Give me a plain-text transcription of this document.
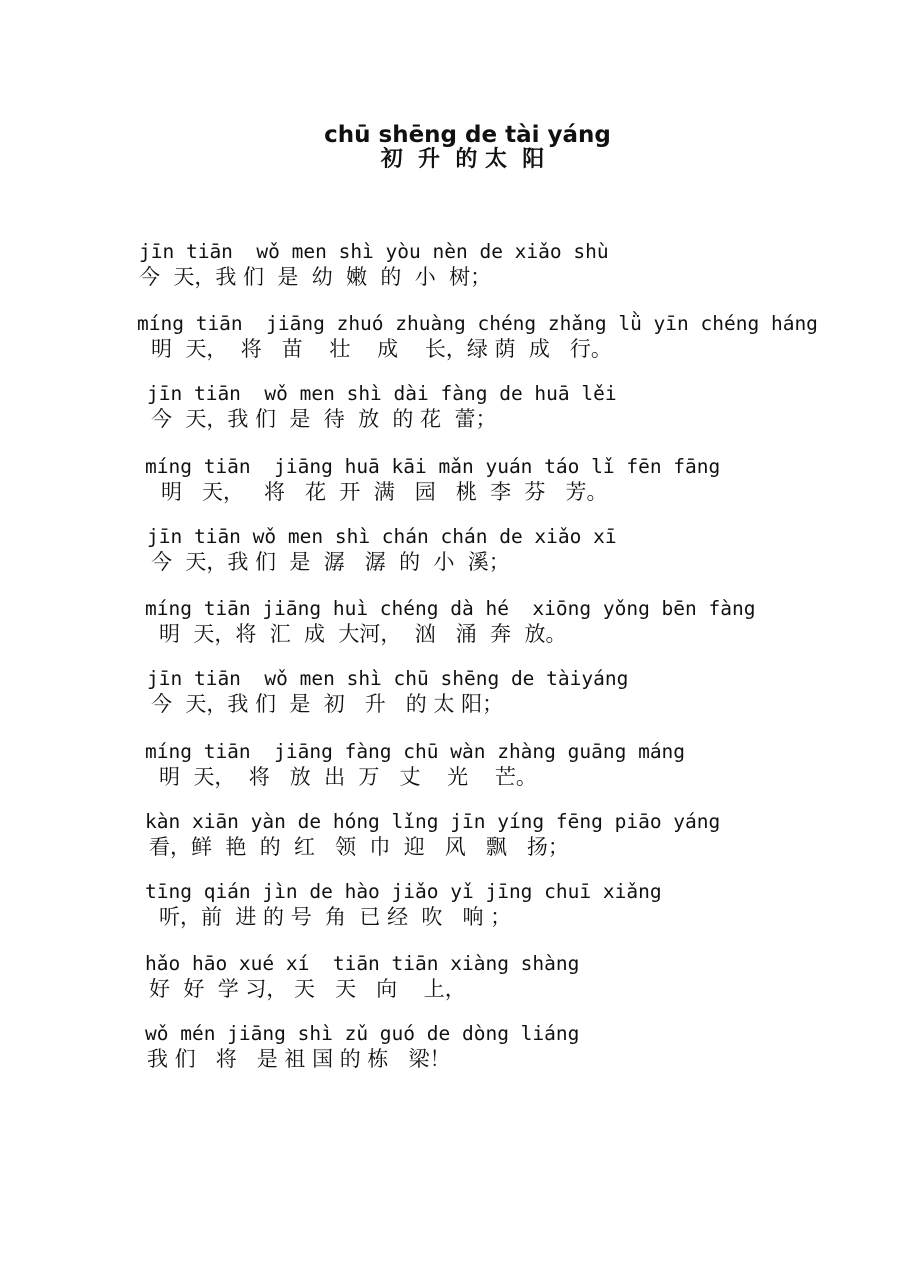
chū shēng de tài yáng
初  升  的 太  阳
jīn tiān  wǒ men shì yòu nèn de xiǎo shù
今  天，我 们  是  幼  嫩  的  小  树；
míng tiān  jiāng zhuó zhuàng chéng zhǎng lǜ yīn chéng háng
明  天，  将   苗    壮    成    长，绿 荫  成   行。
jīn tiān  wǒ men shì dài fàng de huā lěi
今  天，我 们  是  待  放  的 花  蕾；
míng tiān  jiāng huā kāi mǎn yuán táo lǐ fēn fāng
明   天，   将   花  开  满   园   桃  李  芬   芳。
jīn tiān wǒ men shì chán chán de xiǎo xī
今  天，我 们  是  潺   潺  的  小  溪；
míng tiān jiāng huì chéng dà hé  xiōng yǒng bēn fàng
明  天，将  汇  成  大河，  汹   涌  奔  放。
jīn tiān  wǒ men shì chū shēng de tàiyáng
今  天，我 们  是  初   升   的 太 阳；
míng tiān  jiāng fàng chū wàn zhàng guāng máng
明  天，  将   放  出  万   丈    光    芒。
kàn xiān yàn de hóng lǐng jīn yíng fēng piāo yáng
看，鲜  艳  的  红   领  巾  迎   风   飘   扬；
tīng qián jìn de hào jiǎo yǐ jīng chuī xiǎng
听，前  进 的 号  角  已 经  吹   响 ；
hǎo hāo xué xí  tiān tiān xiàng shàng
好  好  学 习， 天   天   向    上，
wǒ mén jiāng shì zǔ guó de dòng liáng
我 们   将   是 祖 国 的 栋   梁！
